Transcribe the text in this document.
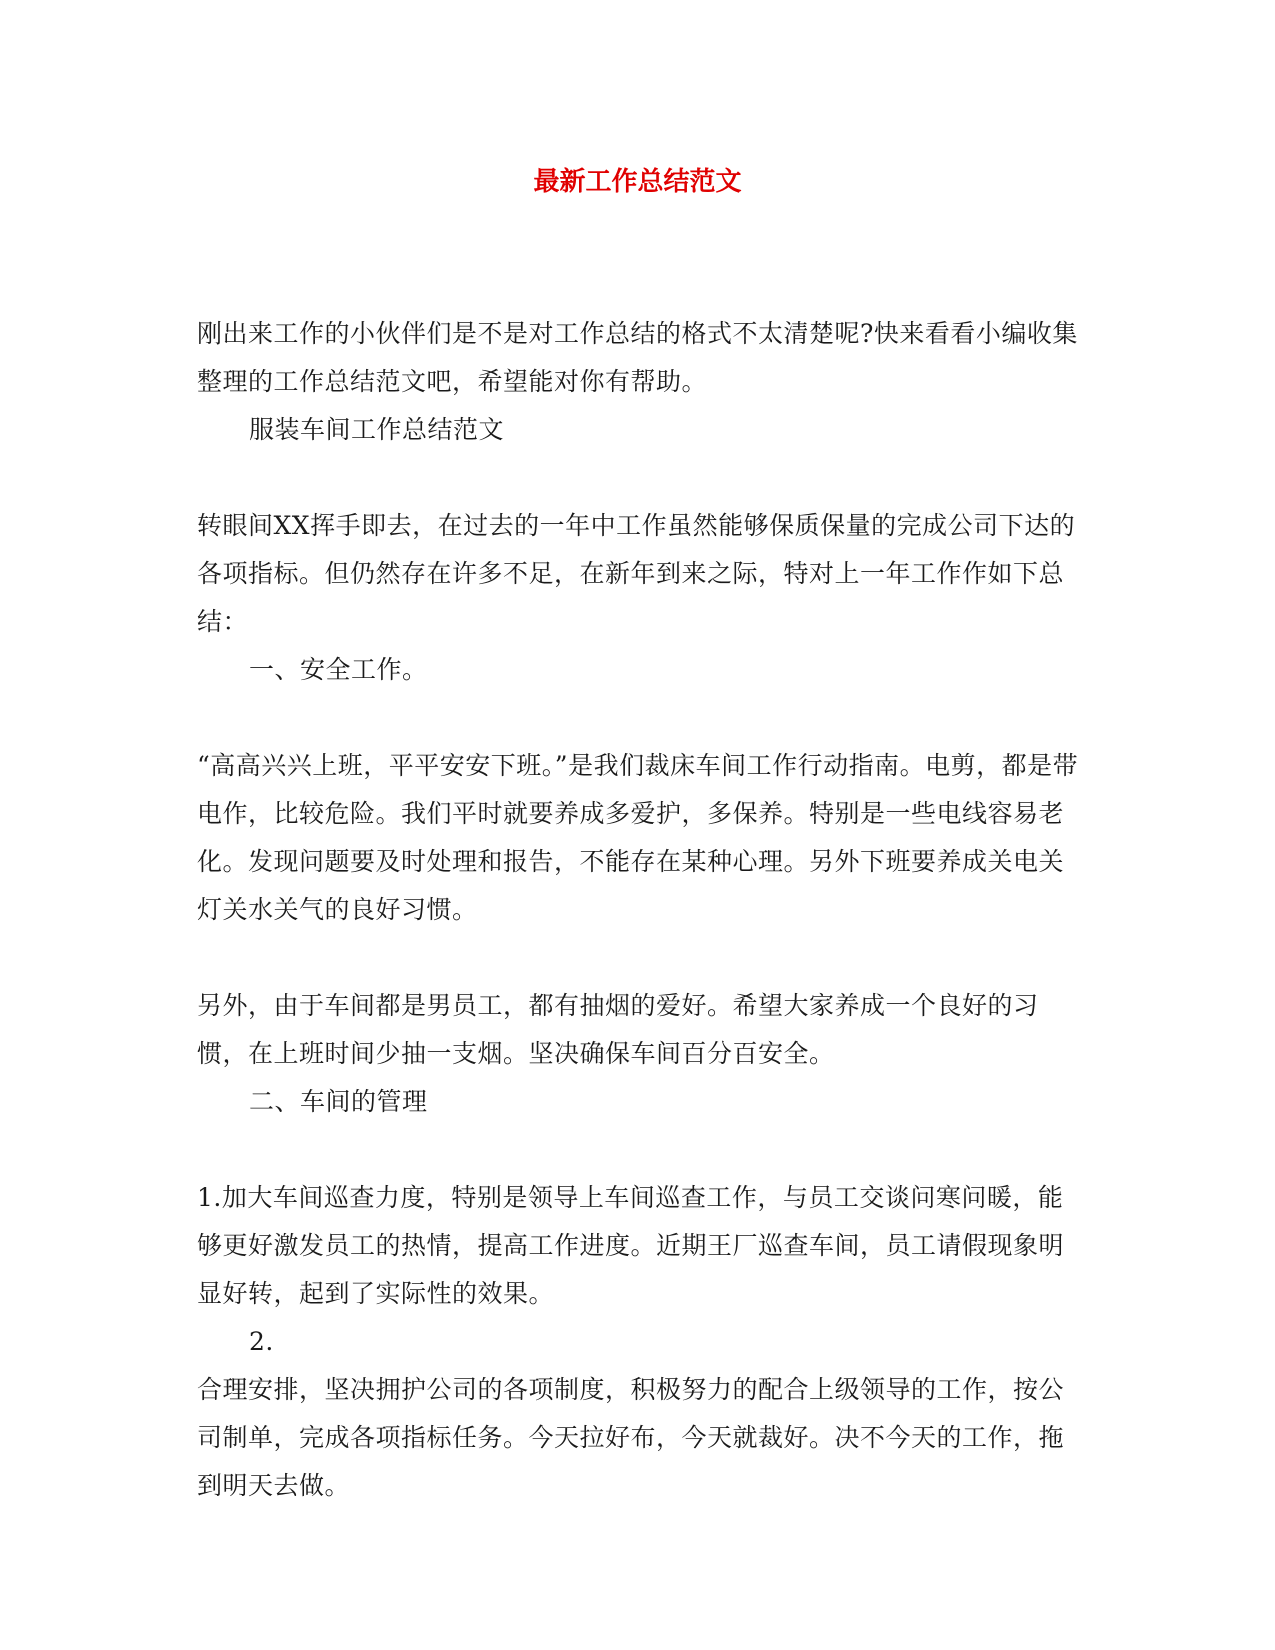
最新工作总结范文

刚出来工作的小伙伴们是不是对工作总结的格式不太清楚呢?快来看看小编收集整理的工作总结范文吧，希望能对你有帮助。

服装车间工作总结范文

转眼间XX挥手即去，在过去的一年中工作虽然能够保质保量的完成公司下达的各项指标。但仍然存在许多不足，在新年到来之际，特对上一年工作作如下总结：

一、安全工作。

“高高兴兴上班，平平安安下班。”是我们裁床车间工作行动指南。电剪，都是带电作，比较危险。我们平时就要养成多爱护，多保养。特别是一些电线容易老化。发现问题要及时处理和报告，不能存在某种心理。另外下班要养成关电关灯关水关气的良好习惯。

另外，由于车间都是男员工，都有抽烟的爱好。希望大家养成一个良好的习惯，在上班时间少抽一支烟。坚决确保车间百分百安全。

二、车间的管理

1.加大车间巡查力度，特别是领导上车间巡查工作，与员工交谈问寒问暖，能够更好激发员工的热情，提高工作进度。近期王厂巡查车间，员工请假现象明显好转，起到了实际性的效果。

2.

合理安排，坚决拥护公司的各项制度，积极努力的配合上级领导的工作，按公司制单，完成各项指标任务。今天拉好布，今天就裁好。决不今天的工作，拖到明天去做。
